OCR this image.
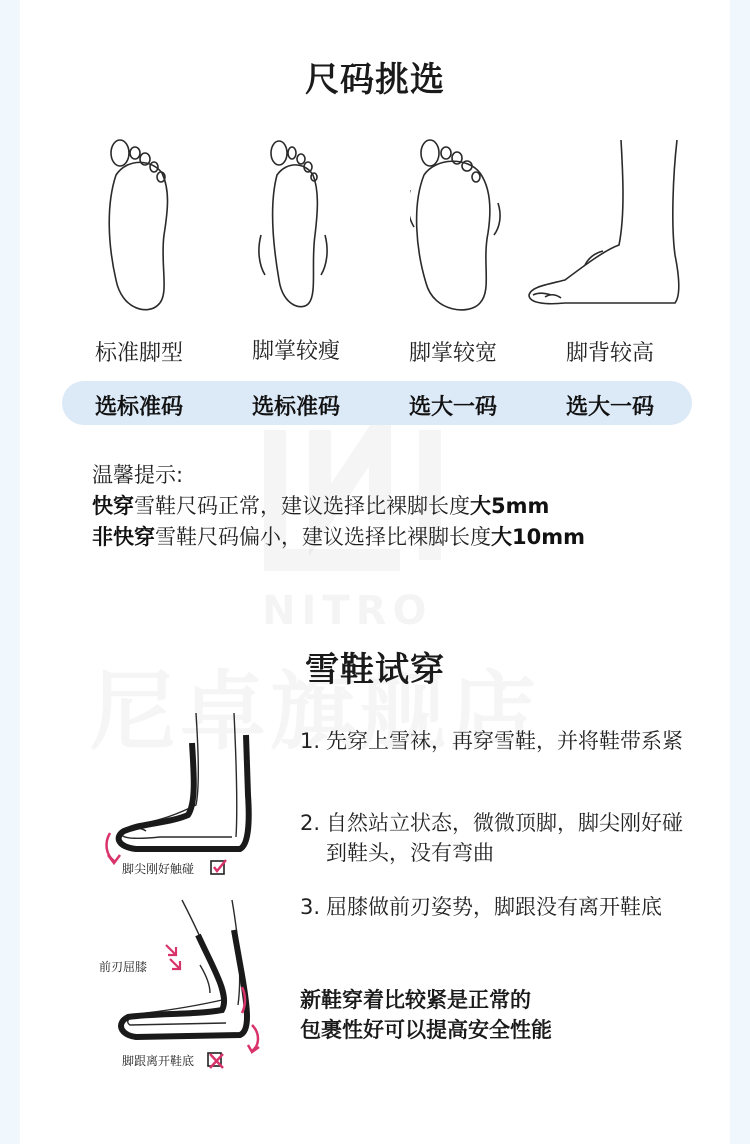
尺码挑选
标准脚型	脚掌较瘦	脚掌较宽	脚背较高
选标准码	选标准码	选大一码	选大一码
温馨提示:
快穿雪鞋尺码正常，建议选择比裸脚长度大5mm
非快穿雪鞋尺码偏小，建议选择比裸脚长度大10mm
雪鞋试穿
脚尖刚好触碰
前刃屈膝
脚跟离开鞋底
1. 先穿上雪袜，再穿雪鞋，并将鞋带系紧
2. 自然站立状态，微微顶脚，脚尖刚好碰到鞋头，没有弯曲
3. 屈膝做前刃姿势，脚跟没有离开鞋底
新鞋穿着比较紧是正常的
包裹性好可以提高安全性能
